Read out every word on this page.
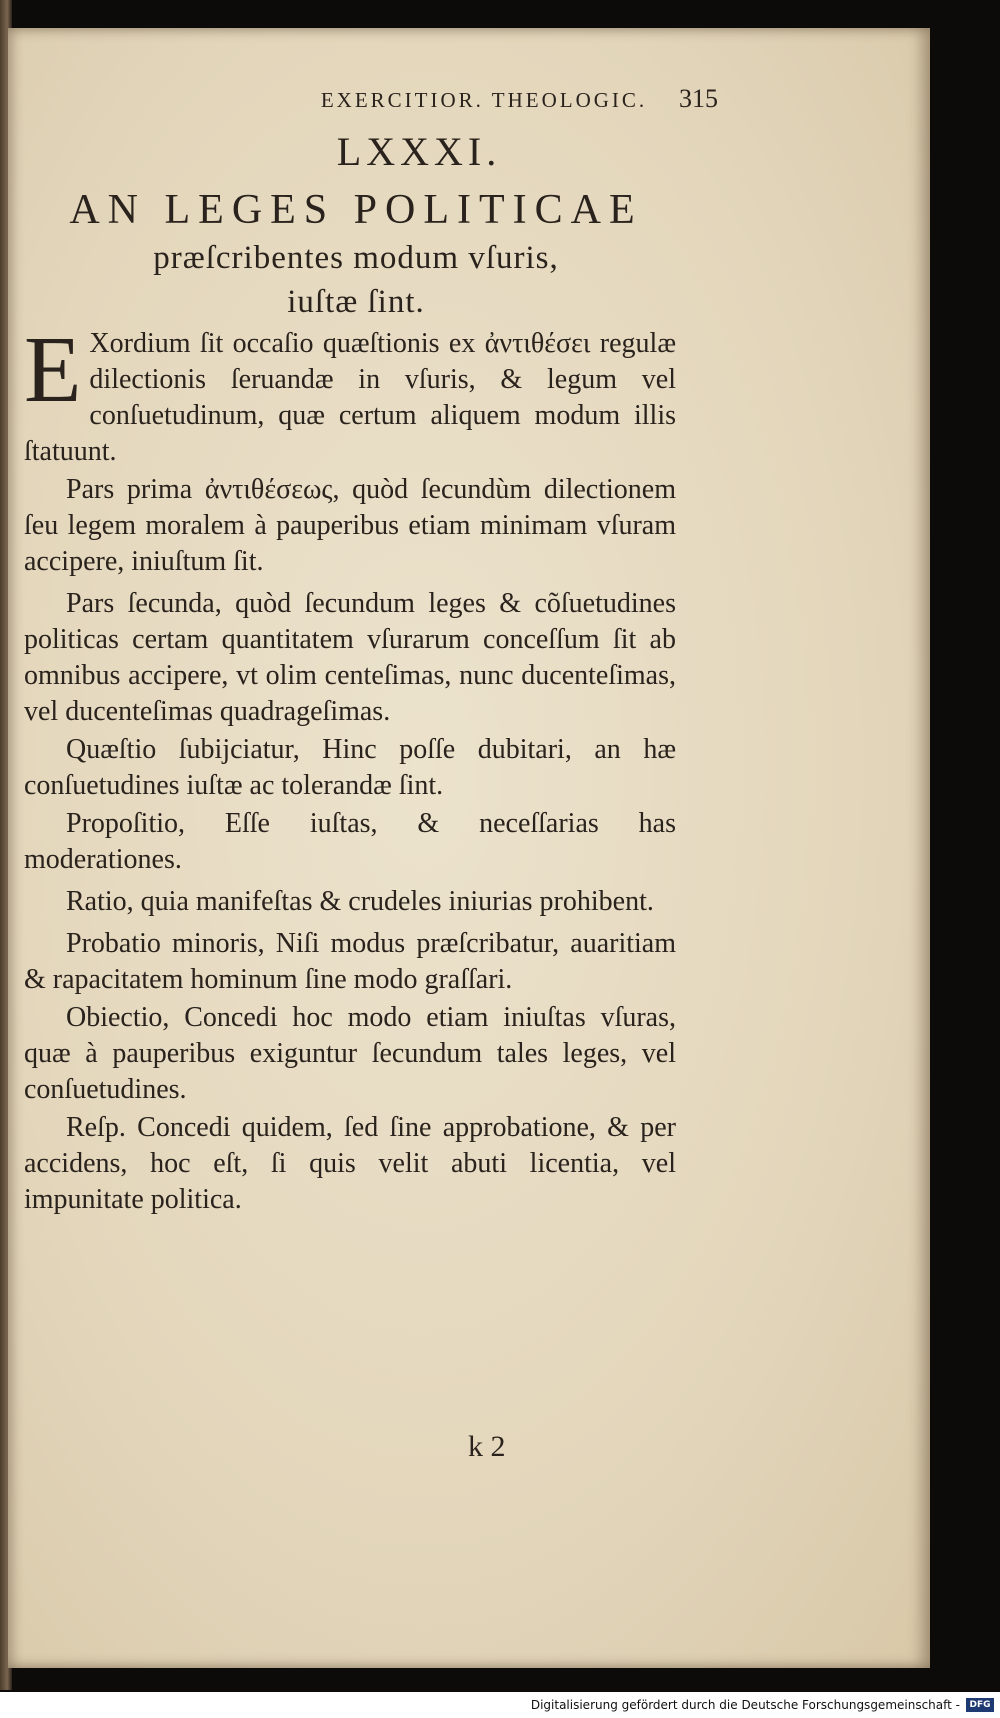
EXERCITIOR. THEOLOGIC.	315
LXXXI.
AN LEGES POLITICAE
præſcribentes modum vſuris,
iuſtæ ſint.

E Xordium ſit occaſio quæſtionis ex ἀντιθέσει regulæ dilectionis ſeruandæ in vſuris, & legum vel conſuetudinum, quæ certum aliquem modum illis ſtatuunt.

Pars prima ἀντιθέσεως, quòd ſecundùm dilectionem ſeu legem moralem à pauperibus etiam minimam vſuram accipere, iniuſtum ſit.

Pars ſecunda, quòd ſecundum leges & cõſuetudines politicas certam quantitatem vſurarum conceſſum ſit ab omnibus accipere, vt olim centeſimas, nunc ducenteſimas, vel ducenteſimas quadrageſimas.

Quæſtio ſubijciatur, Hinc poſſe dubitari, an hæ conſuetudines iuſtæ ac tolerandæ ſint.

Propoſitio, Eſſe iuſtas, & neceſſarias has moderationes.

Ratio, quia manifeſtas & crudeles iniurias prohibent.

Probatio minoris, Niſi modus præſcribatur, auaritiam & rapacitatem hominum ſine modo graſſari.

Obiectio, Concedi hoc modo etiam iniuſtas vſuras, quæ à pauperibus exiguntur ſecundum tales leges, vel conſuetudines.

Reſp. Concedi quidem, ſed ſine approbatione, & per accidens, hoc eſt, ſi quis velit abuti licentia, vel impunitate politica.

k 2
Digitalisierung gefördert durch die Deutsche Forschungsgemeinschaft -	DFG
